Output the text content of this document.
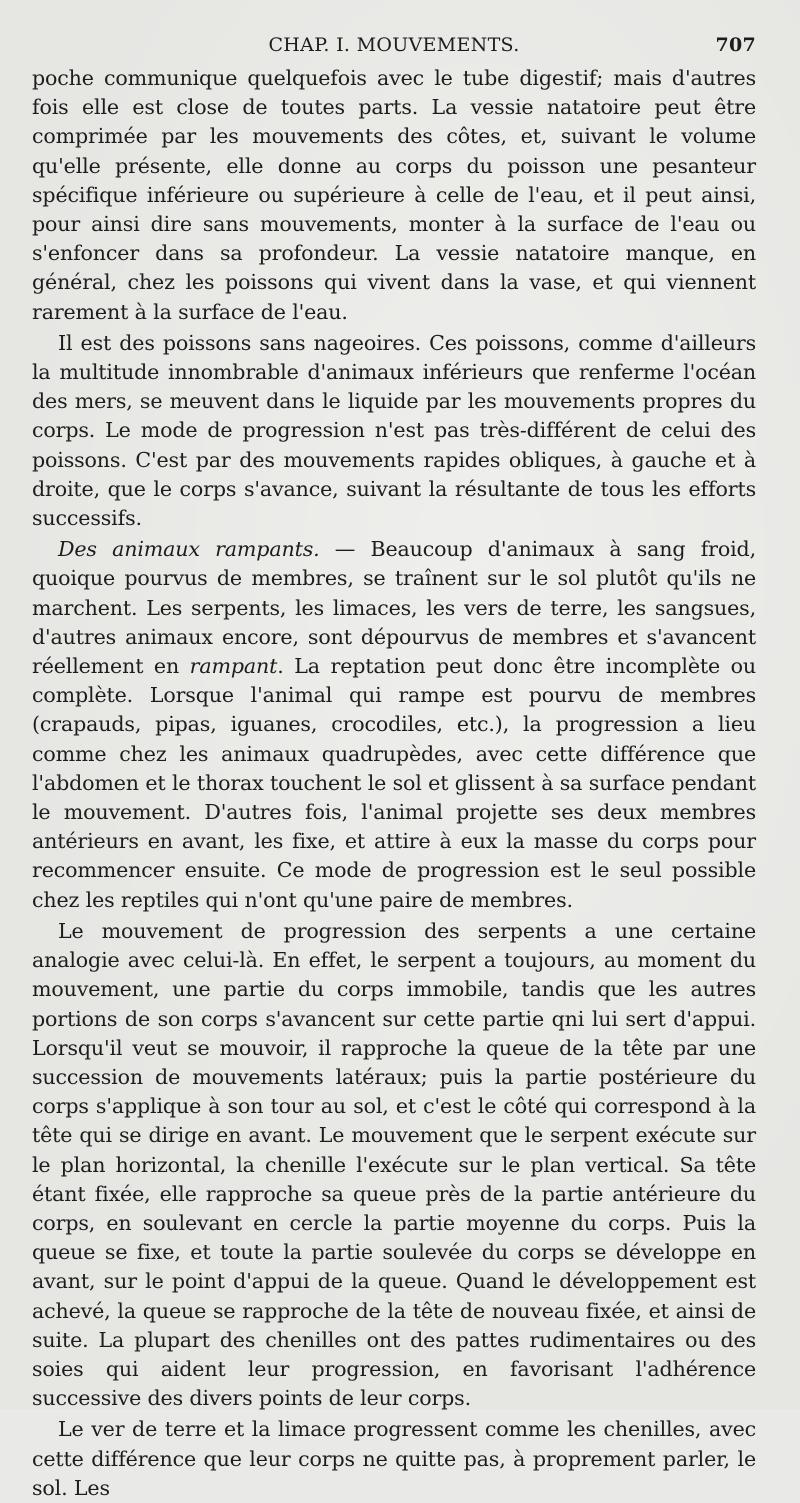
CHAP. I. MOUVEMENTS.	707

poche communique quelquefois avec le tube digestif; mais d'autres fois elle est close de toutes parts. La vessie natatoire peut être comprimée par les mouvements des côtes, et, suivant le volume qu'elle présente, elle donne au corps du poisson une pesanteur spécifique inférieure ou supérieure à celle de l'eau, et il peut ainsi, pour ainsi dire sans mouvements, monter à la surface de l'eau ou s'enfoncer dans sa profondeur. La vessie natatoire manque, en général, chez les poissons qui vivent dans la vase, et qui viennent rarement à la surface de l'eau.

Il est des poissons sans nageoires. Ces poissons, comme d'ailleurs la multitude innombrable d'animaux inférieurs que renferme l'océan des mers, se meuvent dans le liquide par les mouvements propres du corps. Le mode de progression n'est pas très-différent de celui des poissons. C'est par des mouvements rapides obliques, à gauche et à droite, que le corps s'avance, suivant la résultante de tous les efforts successifs.

Des animaux rampants. — Beaucoup d'animaux à sang froid, quoique pourvus de membres, se traînent sur le sol plutôt qu'ils ne marchent. Les serpents, les limaces, les vers de terre, les sangsues, d'autres animaux encore, sont dépourvus de membres et s'avancent réellement en rampant. La reptation peut donc être incomplète ou complète. Lorsque l'animal qui rampe est pourvu de membres (crapauds, pipas, iguanes, crocodiles, etc.), la progression a lieu comme chez les animaux quadrupèdes, avec cette différence que l'abdomen et le thorax touchent le sol et glissent à sa surface pendant le mouvement. D'autres fois, l'animal projette ses deux membres antérieurs en avant, les fixe, et attire à eux la masse du corps pour recommencer ensuite. Ce mode de progression est le seul possible chez les reptiles qui n'ont qu'une paire de membres.

Le mouvement de progression des serpents a une certaine analogie avec celui-là. En effet, le serpent a toujours, au moment du mouvement, une partie du corps immobile, tandis que les autres portions de son corps s'avancent sur cette partie qni lui sert d'appui. Lorsqu'il veut se mouvoir, il rapproche la queue de la tête par une succession de mouvements latéraux; puis la partie postérieure du corps s'applique à son tour au sol, et c'est le côté qui correspond à la tête qui se dirige en avant. Le mouvement que le serpent exécute sur le plan horizontal, la chenille l'exécute sur le plan vertical. Sa tête étant fixée, elle rapproche sa queue près de la partie antérieure du corps, en soulevant en cercle la partie moyenne du corps. Puis la queue se fixe, et toute la partie soulevée du corps se développe en avant, sur le point d'appui de la queue. Quand le développement est achevé, la queue se rapproche de la tête de nouveau fixée, et ainsi de suite. La plupart des chenilles ont des pattes rudimentaires ou des soies qui aident leur progression, en favorisant l'adhérence successive des divers points de leur corps.

Le ver de terre et la limace progressent comme les chenilles, avec cette différence que leur corps ne quitte pas, à proprement parler, le sol. Les
